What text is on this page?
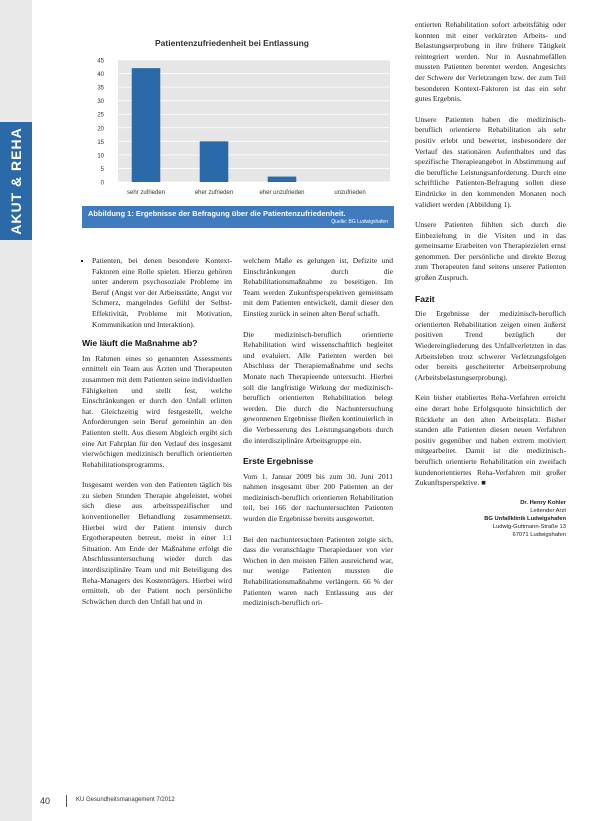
AKUT & REHA
Patientenzufriedenheit bei Entlassung
0
5
10
15
20
25
30
35
40
45
sehr zufrieden	eher zufrieden	eher unzufrieden	unzufrieden
Abbildung 1: Ergebnisse der Befragung über die Patientenzufriedenheit.
Quelle: BG Ludwigshafen
▪ Patienten, bei denen besondere Kontext-Faktoren eine Rolle spielen. Hierzu gehören unter anderem psychosoziale Probleme im Beruf (Angst vor der Arbeitsstätte, Angst vor Schmerz, mangelndes Gefühl der Selbst-Effektivität, Probleme mit Motivation, Kommunikation und Interaktion).
Wie läuft die Maßnahme ab?

Im Rahmen eines so genannten Assessments ermittelt ein Team aus Ärzten und Therapeuten zusammen mit dem Patienten seine individuellen Fähigkeiten und stellt fest, welche Einschränkungen er durch den Unfall erlitten hat. Gleichzeitig wird festgestellt, welche Anforderungen sein Beruf gemeinhin an den Patienten stellt. Aus diesem Abgleich ergibt sich eine Art Fahrplan für den Verlauf des insgesamt vierwöchigen medizinisch beruflich orientierten Rehabilitationsprogramms.

Insgesamt werden von den Patienten täglich bis zu sieben Stunden Therapie abgeleistet, wobei sich diese aus arbeitsspezifischer und konventioneller Behandlung zusammensetzt. Hierbei wird der Patient intensiv durch Ergotherapeuten betreut, meist in einer 1:1 Situation. Am Ende der Maßnahme erfolgt die Abschlussuntersuchung wieder durch das interdisziplinäre Team und mit Beteiligung des Reha-Managers des Kostenträgers. Hierbei wird ermittelt, ob der Patient noch persönliche Schwächen durch den Unfall hat und in

welchem Maße es gelungen ist, Defizite und Einschränkungen durch die Rehabilitationsmaßnahme zu beseitigen. Im Team werden Zukunftsperspektiven gemeinsam mit dem Patienten entwickelt, damit dieser den Einstieg zurück in seinen alten Beruf schafft.

Die medizinisch-beruflich orientierte Rehabilitation wird wissenschaftlich begleitet und evaluiert. Alle Patienten werden bei Abschluss der Therapiemaßnahme und sechs Monate nach Therapieende untersucht. Hierbei soll die langfristige Wirkung der medizinisch-beruflich orientierten Rehabilitation belegt werden. Die durch die Nachuntersuchung gewonnenen Ergebnisse fließen kontinuierlich in die Verbesserung des Leistungsangebots durch die interdisziplinäre Arbeitsgruppe ein.

Erste Ergebnisse

Vom 1. Januar 2009 bis zum 30. Juni 2011 nahmen insgesamt über 200 Patienten an der medizinisch-beruflich orientierten Rehabilitation teil, bei 166 der nachuntersuchten Patienten wurden die Ergebnisse bereits ausgewertet.

Bei den nachuntersuchten Patienten zeigte sich, dass die veranschlagte Therapiedauer von vier Wochen in den meisten Fällen ausreichend war, nur wenige Patienten mussten die Rehabilitationsmaßnahme verlängern. 66 % der Patienten waren nach Entlassung aus der medizinisch-beruflich ori-

entierten Rehabilitation sofort arbeitsfähig oder konnten mit einer verkürzten Arbeits- und Belastungserprobung in ihre frühere Tätigkeit reintegriert werden. Nur in Ausnahmefällen mussten Patienten berentet werden. Angesichts der Schwere der Verletzungen bzw. der zum Teil besonderen Kontext-Faktoren ist das ein sehr gutes Ergebnis.

Unsere Patienten haben die medizinisch-beruflich orientierte Rehabilitation als sehr positiv erlebt und bewertet, insbesondere der Verlauf des stationären Aufenthaltes und das spezifische Therapieangebot in Abstimmung auf die berufliche Leistungsanforderung. Durch eine schriftliche Patienten-Befragung sollen diese Eindrücke in den kommenden Monaten noch validiert werden (Abbildung 1).

Unsere Patienten fühlten sich durch die Einbeziehung in die Visiten und in das gemeinsame Erarbeiten von Therapiezielen ernst genommen. Der persönliche und direkte Bezug zum Therapeuten fand seitens unserer Patienten großen Zuspruch.

Fazit

Die Ergebnisse der medizinisch-beruflich orientierten Rehabilitation zeigen einen äußerst positiven Trend bezüglich der Wiedereingliederung des Unfallverletzten in das Arbeitsleben trotz schwerer Verletzungsfolgen oder bereits gescheiterter Arbeitserprobung (Arbeitsbelastungserprobung).

Kein bisher etabliertes Reha-Verfahren erreicht eine derart hohe Erfolgsquote hinsichtlich der Rückkehr an den alten Arbeitsplatz. Bisher standen alle Patienten diesen neuen Verfahren positiv gegenüber und haben extrem motiviert mitgearbeitet. Damit ist die medizinisch-beruflich orientierte Rehabilitation ein zweifach kundenorientiertes Reha-Verfahren mit großer Zukunftsperspektive. ■

Dr. Henry Kohler
Leitender Arzt
BG Unfallklinik Ludwigshafen
Ludwig-Guttmann-Straße 13
67071 Ludwigshafen
40	KU Gesundheitsmanagement 7/2012
